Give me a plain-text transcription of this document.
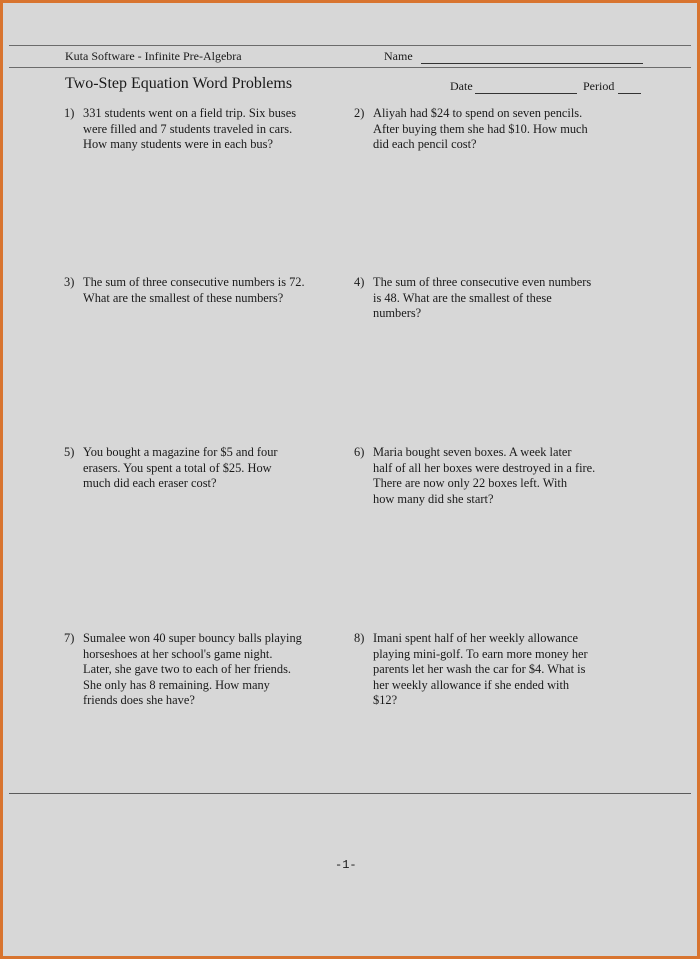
Kuta Software - Infinite Pre-Algebra	Name
Two-Step Equation Word Problems	Date	Period
1) 331 students went on a field trip. Six buses
were filled and 7 students traveled in cars.
How many students were in each bus?
2) Aliyah had $24 to spend on seven pencils.
After buying them she had $10. How much
did each pencil cost?
3) The sum of three consecutive numbers is 72.
What are the smallest of these numbers?
4) The sum of three consecutive even numbers
is 48. What are the smallest of these
numbers?
5) You bought a magazine for $5 and four
erasers. You spent a total of $25. How
much did each eraser cost?
6) Maria bought seven boxes. A week later
half of all her boxes were destroyed in a fire.
There are now only 22 boxes left. With
how many did she start?
7) Sumalee won 40 super bouncy balls playing
horseshoes at her school's game night.
Later, she gave two to each of her friends.
She only has 8 remaining. How many
friends does she have?
8) Imani spent half of her weekly allowance
playing mini-golf. To earn more money her
parents let her wash the car for $4. What is
her weekly allowance if she ended with
$12?
-1-
